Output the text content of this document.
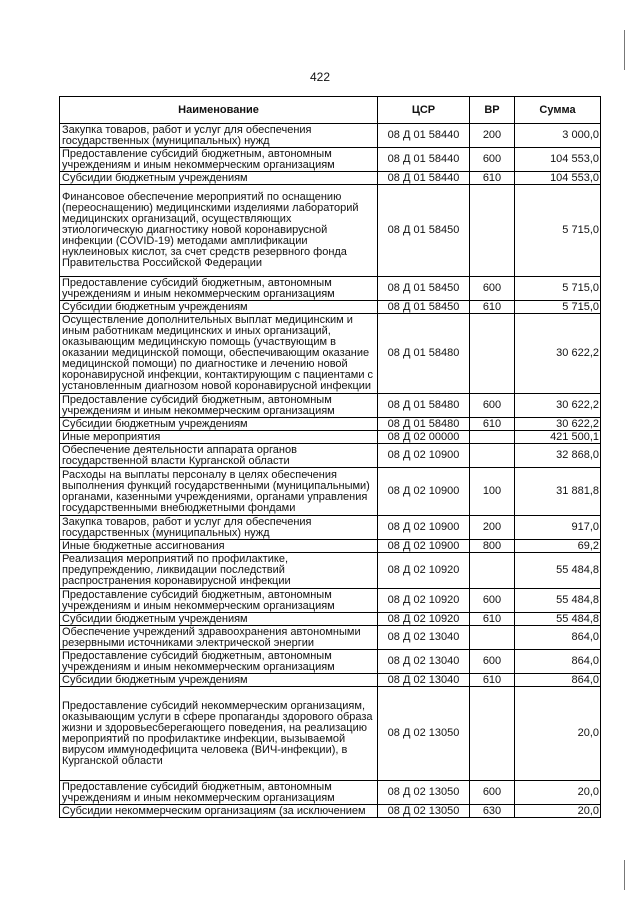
422
Наименование	ЦСР	ВР	Сумма
Закупка товаров, работ и услуг для обеспечения государственных (муниципальных) нужд	08 Д 01 58440	200	3 000,0
Предоставление субсидий бюджетным, автономным учреждениям и иным некоммерческим организациям	08 Д 01 58440	600	104 553,0
Субсидии бюджетным учреждениям	08 Д 01 58440	610	104 553,0
Финансовое обеспечение мероприятий по оснащению (переоснащению) медицинскими изделиями лабораторий медицинских организаций, осуществляющих этиологическую диагностику новой коронавирусной инфекции (COVID-19) методами амплификации нуклеиновых кислот, за счет средств резервного фонда Правительства Российской Федерации	08 Д 01 58450		5 715,0
Предоставление субсидий бюджетным, автономным учреждениям и иным некоммерческим организациям	08 Д 01 58450	600	5 715,0
Субсидии бюджетным учреждениям	08 Д 01 58450	610	5 715,0
Осуществление дополнительных выплат медицинским и иным работникам медицинских и иных организаций, оказывающим медицинскую помощь (участвующим в оказании медицинской помощи, обеспечивающим оказание медицинской помощи) по диагностике и лечению новой коронавирусной инфекции, контактирующим с пациентами с установленным диагнозом новой коронавирусной инфекции	08 Д 01 58480		30 622,2
Предоставление субсидий бюджетным, автономным учреждениям и иным некоммерческим организациям	08 Д 01 58480	600	30 622,2
Субсидии бюджетным учреждениям	08 Д 01 58480	610	30 622,2
Иные мероприятия	08 Д 02 00000		421 500,1
Обеспечение деятельности аппарата органов государственной власти Курганской области	08 Д 02 10900		32 868,0
Расходы на выплаты персоналу в целях обеспечения выполнения функций государственными (муниципальными) органами, казенными учреждениями, органами управления государственными внебюджетными фондами	08 Д 02 10900	100	31 881,8
Закупка товаров, работ и услуг для обеспечения государственных (муниципальных) нужд	08 Д 02 10900	200	917,0
Иные бюджетные ассигнования	08 Д 02 10900	800	69,2
Реализация мероприятий по профилактике, предупреждению, ликвидации последствий распространения коронавирусной инфекции	08 Д 02 10920		55 484,8
Предоставление субсидий бюджетным, автономным учреждениям и иным некоммерческим организациям	08 Д 02 10920	600	55 484,8
Субсидии бюджетным учреждениям	08 Д 02 10920	610	55 484,8
Обеспечение учреждений здравоохранения автономными резервными источниками электрической энергии	08 Д 02 13040		864,0
Предоставление субсидий бюджетным, автономным учреждениям и иным некоммерческим организациям	08 Д 02 13040	600	864,0
Субсидии бюджетным учреждениям	08 Д 02 13040	610	864,0
Предоставление субсидий некоммерческим организациям, оказывающим услуги в сфере пропаганды здорового образа жизни и здоровьесберегающего поведения, на реализацию мероприятий по профилактике инфекции, вызываемой вирусом иммунодефицита человека (ВИЧ-инфекции), в Курганской области	08 Д 02 13050		20,0
Предоставление субсидий бюджетным, автономным учреждениям и иным некоммерческим организациям	08 Д 02 13050	600	20,0
Субсидии некоммерческим организациям (за исключением	08 Д 02 13050	630	20,0
